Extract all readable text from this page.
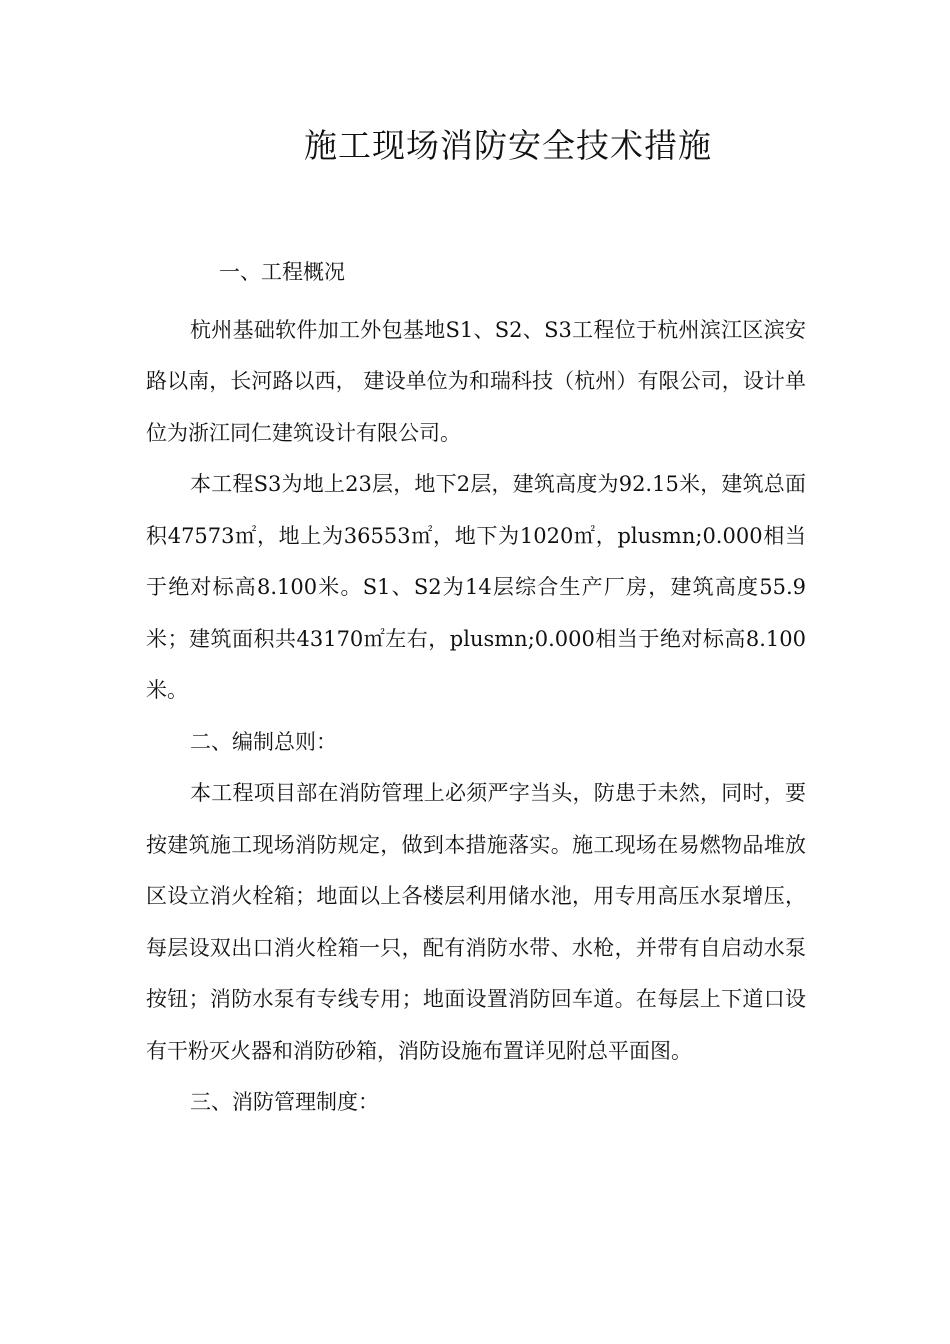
施工现场消防安全技术措施

一、工程概况

杭州基础软件加工外包基地S1、S2、S3工程位于杭州滨江区滨安路以南，长河路以西， 建设单位为和瑞科技（杭州）有限公司，设计单位为浙江同仁建筑设计有限公司。

本工程S3为地上23层，地下2层，建筑高度为92.15米，建筑总面积47573㎡，地上为36553㎡，地下为1020㎡，plusmn;0.000相当于绝对标高8.100米。S1、S2为14层综合生产厂房，建筑高度55.9米；建筑面积共43170㎡左右，plusmn;0.000相当于绝对标高8.100米。

二、编制总则：

本工程项目部在消防管理上必须严字当头，防患于未然，同时，要按建筑施工现场消防规定，做到本措施落实。施工现场在易燃物品堆放区设立消火栓箱；地面以上各楼层利用储水池，用专用高压水泵增压，每层设双出口消火栓箱一只，配有消防水带、水枪，并带有自启动水泵按钮；消防水泵有专线专用；地面设置消防回车道。在每层上下道口设有干粉灭火器和消防砂箱，消防设施布置详见附总平面图。

三、消防管理制度：
